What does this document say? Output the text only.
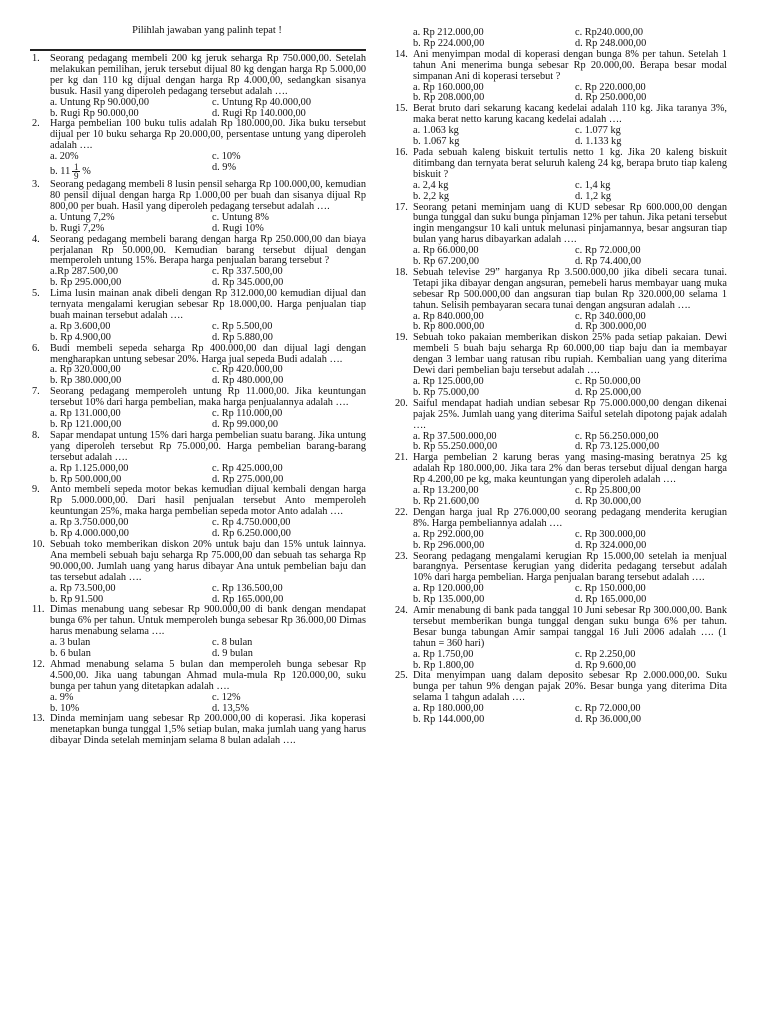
Pilihlah jawaban yang palinh tepat !
1. Seorang pedagang membeli 200 kg jeruk seharga Rp 750.000,00. Setelah melakukan pemilihan, jeruk tersebut dijual 80 kg dengan harga Rp 5.000,00 per kg dan 110 kg dijual dengan harga Rp 4.000,00, sedangkan sisanya busuk. Hasil yang diperoleh pedagang tersebut adalah ….
a. Untung Rp 90.000,00	c. Untung Rp 40.000,00
b. Rugi Rp 90.000,00	d. Rugi Rp 140.000,00
2. Harga pembelian 100 buku tulis adalah Rp 180.000,00. Jika buku tersebut dijual per 10 buku seharga Rp 20.000,00, persentase untung yang diperoleh adalah ….
a. 20%	c. 10%
b. $11 \frac{1}{9}$ %	d. 9%
3. Seorang pedagang membeli 8 lusin pensil seharga Rp 100.000,00, kemudian 80 pensil dijual dengan harga Rp 1.000,00 per buah dan sisanya dijual Rp 800,00 per buah. Hasil yang diperoleh pedagang tersebut adalah ….
a. Untung 7,2%	c. Untung 8%
b. Rugi 7,2%	d. Rugi 10%
4. Seorang pedagang membeli barang dengan harga Rp 250.000,00 dan biaya perjalanan Rp 50.000,00. Kemudian barang tersebut dijual dengan memperoleh untung 15%. Berapa harga penjualan barang tersebut ?
a.Rp 287.500,00	c. Rp 337.500,00
b. Rp 295.000,00	d. Rp 345.000,00
5. Lima lusin mainan anak dibeli dengan Rp 312.000,00 kemudian dijual dan ternyata mengalami kerugian sebesar Rp 18.000,00. Harga penjualan tiap buah mainan tersebut adalah ….
a. Rp 3.600,00	c. Rp 5.500,00
b. Rp 4.900,00	d. Rp 5.880,00
6. Budi membeli sepeda seharga Rp 400.000,00 dan dijual lagi dengan mengharapkan untung sebesar 20%. Harga jual sepeda Budi adalah ….
a. Rp 320.000,00	c. Rp 420.000,00
b. Rp 380.000,00	d. Rp 480.000,00
7. Seorang pedagang memperoleh untung Rp 11.000,00. Jika keuntungan tersebut 10% dari harga pembelian, maka harga penjualannya adalah ….
a. Rp 131.000,00	c. Rp 110.000,00
b. Rp 121.000,00	d. Rp 99.000,00
8. Sapar mendapat untung 15% dari harga pembelian suatu barang. Jika untung yang diperoleh tersebut Rp 75.000,00. Harga pembelian barang-barang tersebut adalah ….
a. Rp 1.125.000,00	c. Rp 425.000,00
b. Rp 500.000,00	d. Rp 275.000,00
9. Anto membeli sepeda motor bekas kemudian dijual kembali dengan harga Rp 5.000.000,00. Dari hasil penjualan tersebut Anto memperoleh keuntungan 25%, maka harga pembelian sepeda motor Anto adalah ….
a. Rp 3.750.000,00	c. Rp 4.750.000,00
b. Rp 4.000.000,00	d. Rp 6.250.000,00
10. Sebuah toko memberikan diskon 20% untuk baju dan 15% untuk lainnya. Ana membeli sebuah baju seharga Rp 75.000,00 dan sebuah tas seharga Rp 90.000,00. Jumlah uang yang harus dibayar Ana untuk pembelian baju dan tas tersebut adalah ….
a. Rp 73.500,00	c. Rp 136.500,00
b. Rp 91.500	d. Rp 165.000,00
11. Dimas menabung uang sebesar Rp 900.000,00 di bank dengan mendapat bunga 6% per tahun. Untuk memperoleh bunga sebesar Rp 36.000,00 Dimas harus menabung selama ….
a. 3 bulan	c. 8 bulan
b. 6 bulan	d. 9 bulan
12. Ahmad menabung selama 5 bulan dan memperoleh bunga sebesar Rp 4.500,00. Jika uang tabungan Ahmad mula-mula Rp 120.000,00, suku bunga per tahun yang ditetapkan adalah ….
a. 9%	c. 12%
b. 10%	d. 13,5%
13. Dinda meminjam uang sebesar Rp 200.000,00 di koperasi. Jika koperasi menetapkan bunga tunggal 1,5% setiap bulan, maka jumlah uang yang harus dibayar Dinda setelah meminjam selama 8 bulan adalah ….
a. Rp 212.000,00	c. Rp240.000,00
b. Rp 224.000,00	d. Rp 248.000,00
14. Ani menyimpan modal di koperasi dengan bunga 8% per tahun. Setelah 1 tahun Ani menerima bunga sebesar Rp 20.000,00. Berapa besar modal simpanan Ani di koperasi tersebut ?
a. Rp 160.000,00	c. Rp 220.000,00
b. Rp 208.000,00	d. Rp 250.000,00
15. Berat bruto dari sekarung kacang kedelai adalah 110 kg. Jika taranya 3%, maka berat netto karung kacang kedelai adalah ….
a. 1.063 kg	c. 1.077 kg
b. 1.067 kg	d. 1.133 kg
16. Pada sebuah kaleng biskuit tertulis netto 1 kg. Jika 20 kaleng biskuit ditimbang dan ternyata berat seluruh kaleng 24 kg, berapa bruto tiap kaleng biskuit ?
a. 2,4 kg	c. 1,4 kg
b. 2,2 kg	d. 1,2 kg
17. Seorang petani meminjam uang di KUD sebesar Rp 600.000,00 dengan bunga tunggal dan suku bunga pinjaman 12% per tahun. Jika petani tersebut ingin mengangsur 10 kali untuk melunasi pinjamannya, besar angsuran tiap bulan yang harus dibayarkan adalah ….
a. Rp 66.000,00	c. Rp 72.000,00
b. Rp 67.200,00	d. Rp 74.400,00
18. Sebuah televise 29” harganya Rp 3.500.000,00 jika dibeli secara tunai. Tetapi jika dibayar dengan angsuran, pemebeli harus membayar uang muka sebesar Rp 500.000,00 dan angsuran tiap bulan Rp 320.000,00 selama 1 tahun. Selisih pembayaran secara tunai dengan angsuran adalah ….
a. Rp 840.000,00	c. Rp 340.000,00
b. Rp 800.000,00	d. Rp 300.000,00
19. Sebuah toko pakaian memberikan diskon 25% pada setiap pakaian. Dewi membeli 5 buah baju seharga Rp 60.000,00 tiap baju dan ia membayar dengan 3 lembar uang ratusan ribu rupiah. Kembalian uang yang diterima Dewi dari pembelian baju tersebut adalah ….
a. Rp 125.000,00	c. Rp 50.000,00
b. Rp 75.000,00	d. Rp 25.000,00
20. Saiful mendapat hadiah undian sebesar Rp 75.000.000,00 dengan dikenai pajak 25%. Jumlah uang yang diterima Saiful setelah dipotong pajak adalah ….
a. Rp 37.500.000,00	c. Rp 56.250.000,00
b. Rp 55.250.000,00	d. Rp 73.125.000,00
21. Harga pembelian 2 karung beras yang masing-masing beratnya 25 kg adalah Rp 180.000,00. Jika tara 2% dan beras tersebut dijual dengan harga Rp 4.200,00 pe kg, maka keuntungan yang diperoleh adalah ….
a. Rp 13.200,00	c. Rp 25.800,00
b. Rp 21.600,00	d. Rp 30.000,00
22. Dengan harga jual Rp 276.000,00 seorang pedagang menderita kerugian 8%. Harga pembeliannya adalah ….
a. Rp 292.000,00	c. Rp 300.000,00
b. Rp 296.000,00	d. Rp 324.000,00
23. Seorang pedagang mengalami kerugian Rp 15.000,00 setelah ia menjual barangnya. Persentase kerugian yang diderita pedagang tersebut adalah 10% dari harga pembelian. Harga penjualan barang tersebut adalah ….
a. Rp 120.000,00	c. Rp 150.000,00
b. Rp 135.000,00	d. Rp 165.000,00
24. Amir menabung di bank pada tanggal 10 Juni sebesar Rp 300.000,00. Bank tersebut memberikan bunga tunggal dengan suku bunga 6% per tahun. Besar bunga tabungan Amir sampai tanggal 16 Juli 2006 adalah …. (1 tahun = 360 hari)
a. Rp 1.750,00	c. Rp 2.250,00
b. Rp 1.800,00	d. Rp 9.600,00
25. Dita menyimpan uang dalam deposito sebesar Rp 2.000.000,00. Suku bunga per tahun 9% dengan pajak 20%. Besar bunga yang diterima Dita selama 1 tahgun adalah ….
a. Rp 180.000,00	c. Rp 72.000,00
b. Rp 144.000,00	d. Rp 36.000,00
